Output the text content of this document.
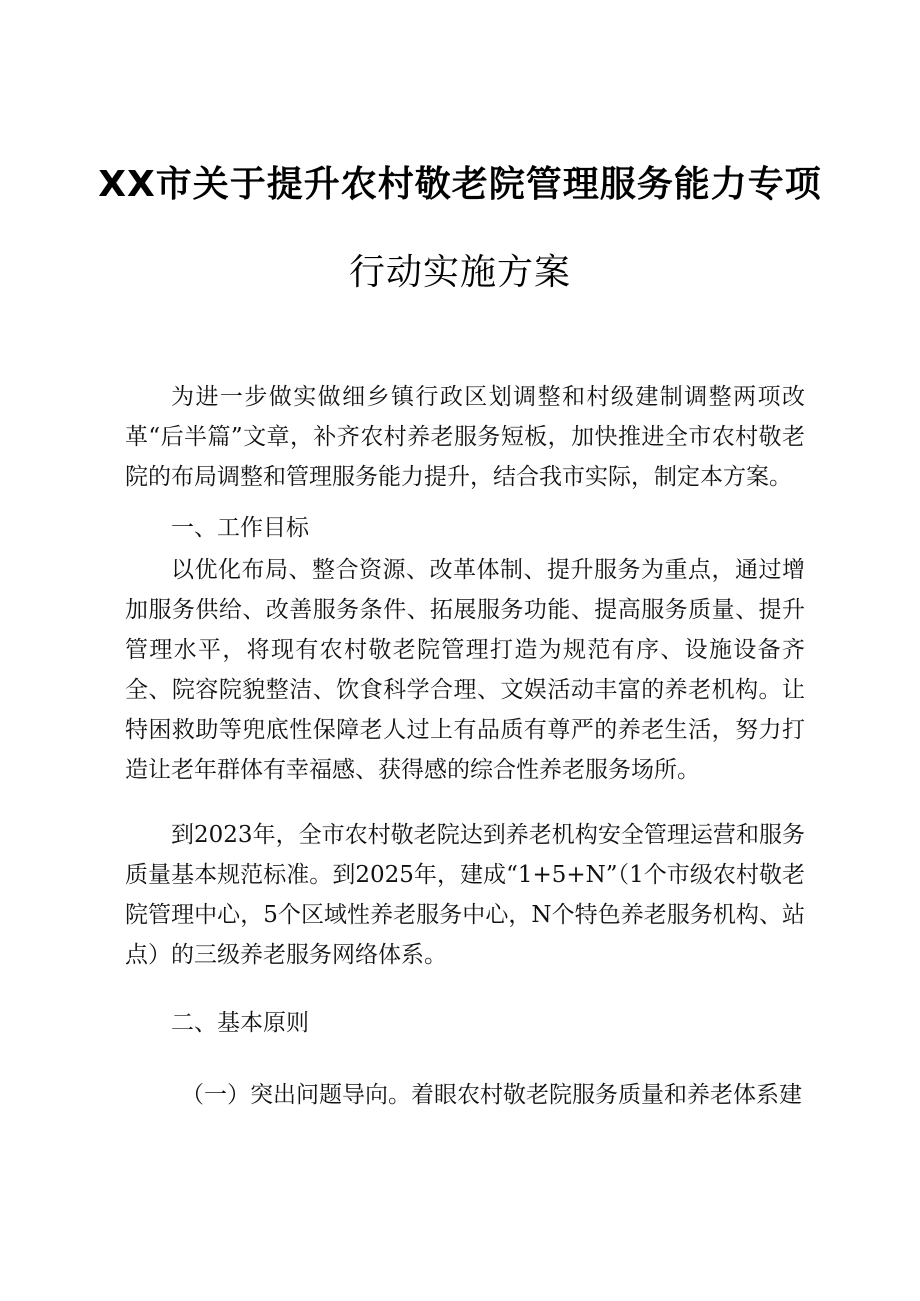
XX市关于提升农村敬老院管理服务能力专项
行动实施方案

为进一步做实做细乡镇行政区划调整和村级建制调整两项改革“后半篇”文章，补齐农村养老服务短板，加快推进全市农村敬老院的布局调整和管理服务能力提升，结合我市实际，制定本方案。

一、工作目标

以优化布局、整合资源、改革体制、提升服务为重点，通过增加服务供给、改善服务条件、拓展服务功能、提高服务质量、提升管理水平，将现有农村敬老院管理打造为规范有序、设施设备齐全、院容院貌整洁、饮食科学合理、文娱活动丰富的养老机构。让特困救助等兜底性保障老人过上有品质有尊严的养老生活，努力打造让老年群体有幸福感、获得感的综合性养老服务场所。

到2023年，全市农村敬老院达到养老机构安全管理运营和服务质量基本规范标准。到2025年，建成“1+5+N”（1个市级农村敬老院管理中心，5个区域性养老服务中心，N个特色养老服务机构、站点）的三级养老服务网络体系。

二、基本原则

（一）突出问题导向。着眼农村敬老院服务质量和养老体系建
